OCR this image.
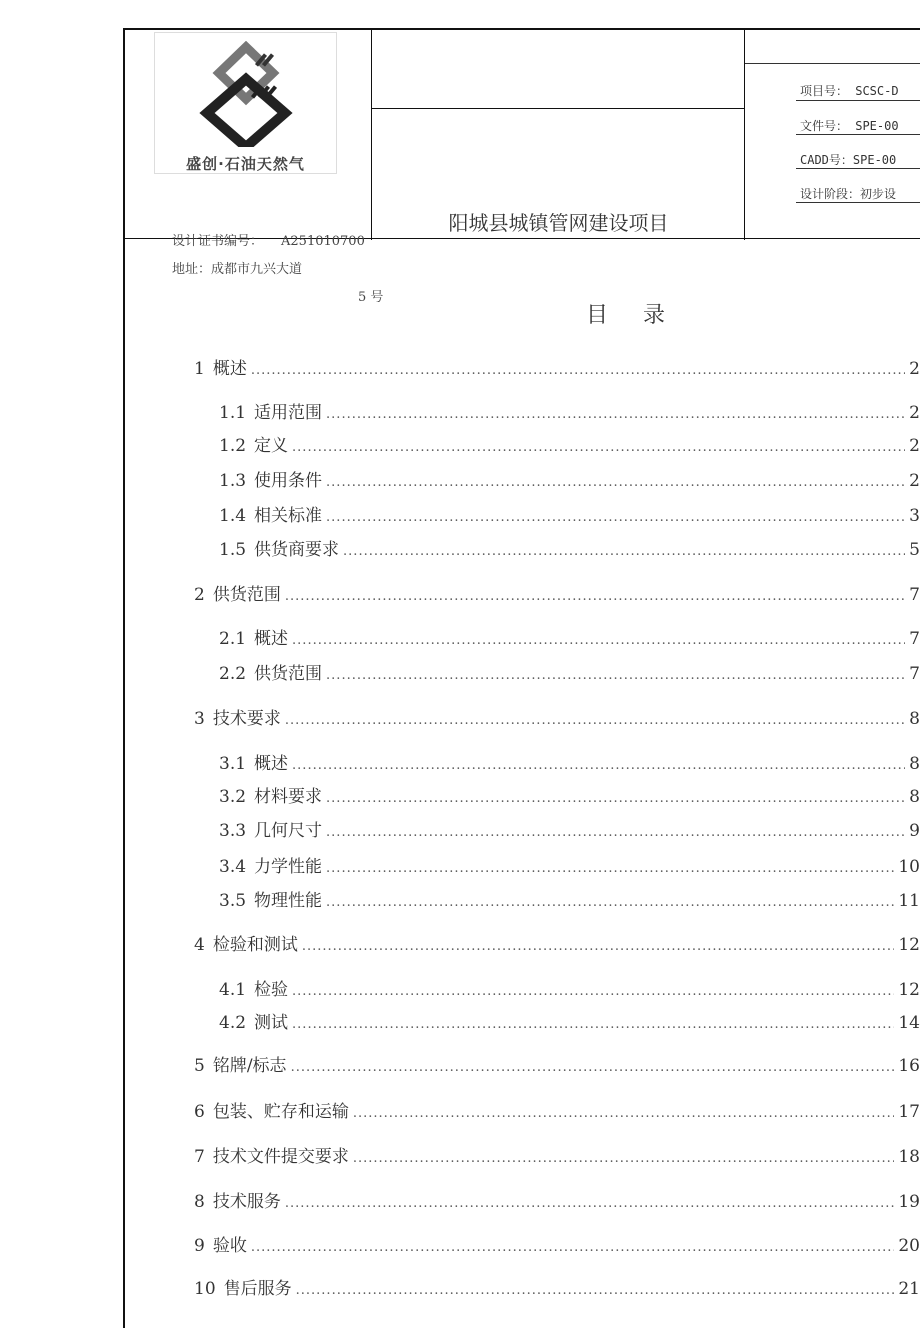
盛创·石油天然气
阳城县城镇管网建设项目
项目号： SCSC-D
文件号： SPE-00
CADD号：SPE-00
设计阶段：初步设
设计证书编号： A251010700
地址：成都市九兴大道
5 号
目 录
1 概述 .....	2
1.1 适用范围 .....	2
1.2 定义 .....	2
1.3 使用条件 .....	2
1.4 相关标准 .....	3
1.5 供货商要求 .....	5
2 供货范围 .....	7
2.1 概述 .....	7
2.2 供货范围 .....	7
3 技术要求 .....	8
3.1 概述 .....	8
3.2 材料要求 .....	8
3.3 几何尺寸 .....	9
3.4 力学性能 .....	10
3.5 物理性能 .....	11
4 检验和测试 .....	12
4.1 检验 .....	12
4.2 测试 .....	14
5 铭牌/标志 .....	16
6 包装、贮存和运输 .....	17
7 技术文件提交要求 .....	18
8 技术服务 .....	19
9 验收 .....	20
10 售后服务 .....	21
